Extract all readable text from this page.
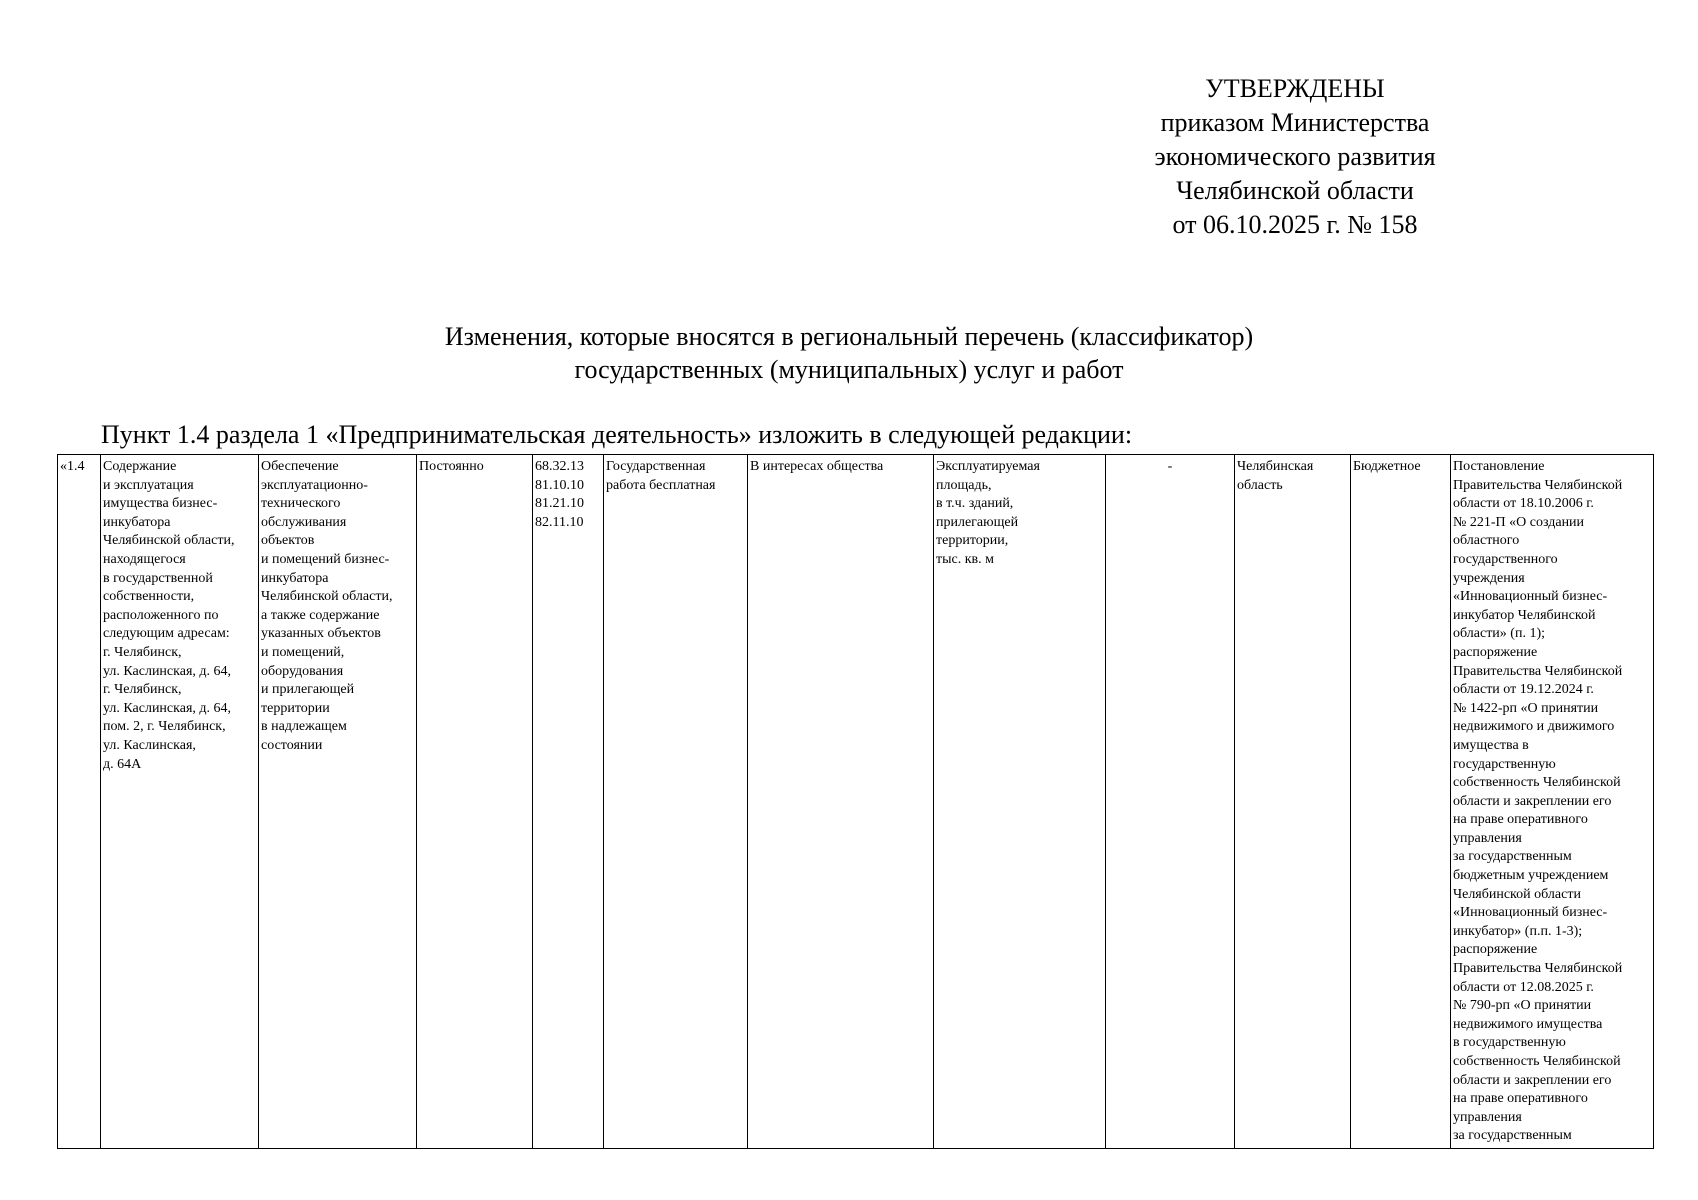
УТВЕРЖДЕНЫ
приказом Министерства
экономического развития
Челябинской области
от 06.10.2025 г. № 158
Изменения, которые вносятся в региональный перечень (классификатор)
государственных (муниципальных) услуг и работ
Пункт 1.4 раздела 1 «Предпринимательская деятельность» изложить в следующей редакции:
«1.4	Содержание
и эксплуатация
имущества бизнес-
инкубатора
Челябинской области,
находящегося
в государственной
собственности,
расположенного по
следующим адресам:
г. Челябинск,
ул. Каслинская, д. 64,
г. Челябинск,
ул. Каслинская, д. 64,
пом. 2, г. Челябинск,
ул. Каслинская,
д. 64А	Обеспечение
эксплуатационно-
технического
обслуживания
объектов
и помещений бизнес-
инкубатора
Челябинской области,
а также содержание
указанных объектов
и помещений,
оборудования
и прилегающей
территории
в надлежащем
состоянии	Постоянно	68.32.13
81.10.10
81.21.10
82.11.10	Государственная
работа бесплатная	В интересах общества	Эксплуатируемая
площадь,
в т.ч. зданий,
прилегающей
территории,
тыс. кв. м	-	Челябинская
область	Бюджетное	Постановление
Правительства Челябинской
области от 18.10.2006 г.
№ 221-П «О создании
областного
государственного
учреждения
«Инновационный бизнес-
инкубатор Челябинской
области» (п. 1);
распоряжение
Правительства Челябинской
области от 19.12.2024 г.
№ 1422-рп «О принятии
недвижимого и движимого
имущества в
государственную
собственность Челябинской
области и закреплении его
на праве оперативного
управления
за государственным
бюджетным учреждением
Челябинской области
«Инновационный бизнес-
инкубатор» (п.п. 1-3);
распоряжение
Правительства Челябинской
области от 12.08.2025 г.
№ 790-рп «О принятии
недвижимого имущества
в государственную
собственность Челябинской
области и закреплении его
на праве оперативного
управления
за государственным
